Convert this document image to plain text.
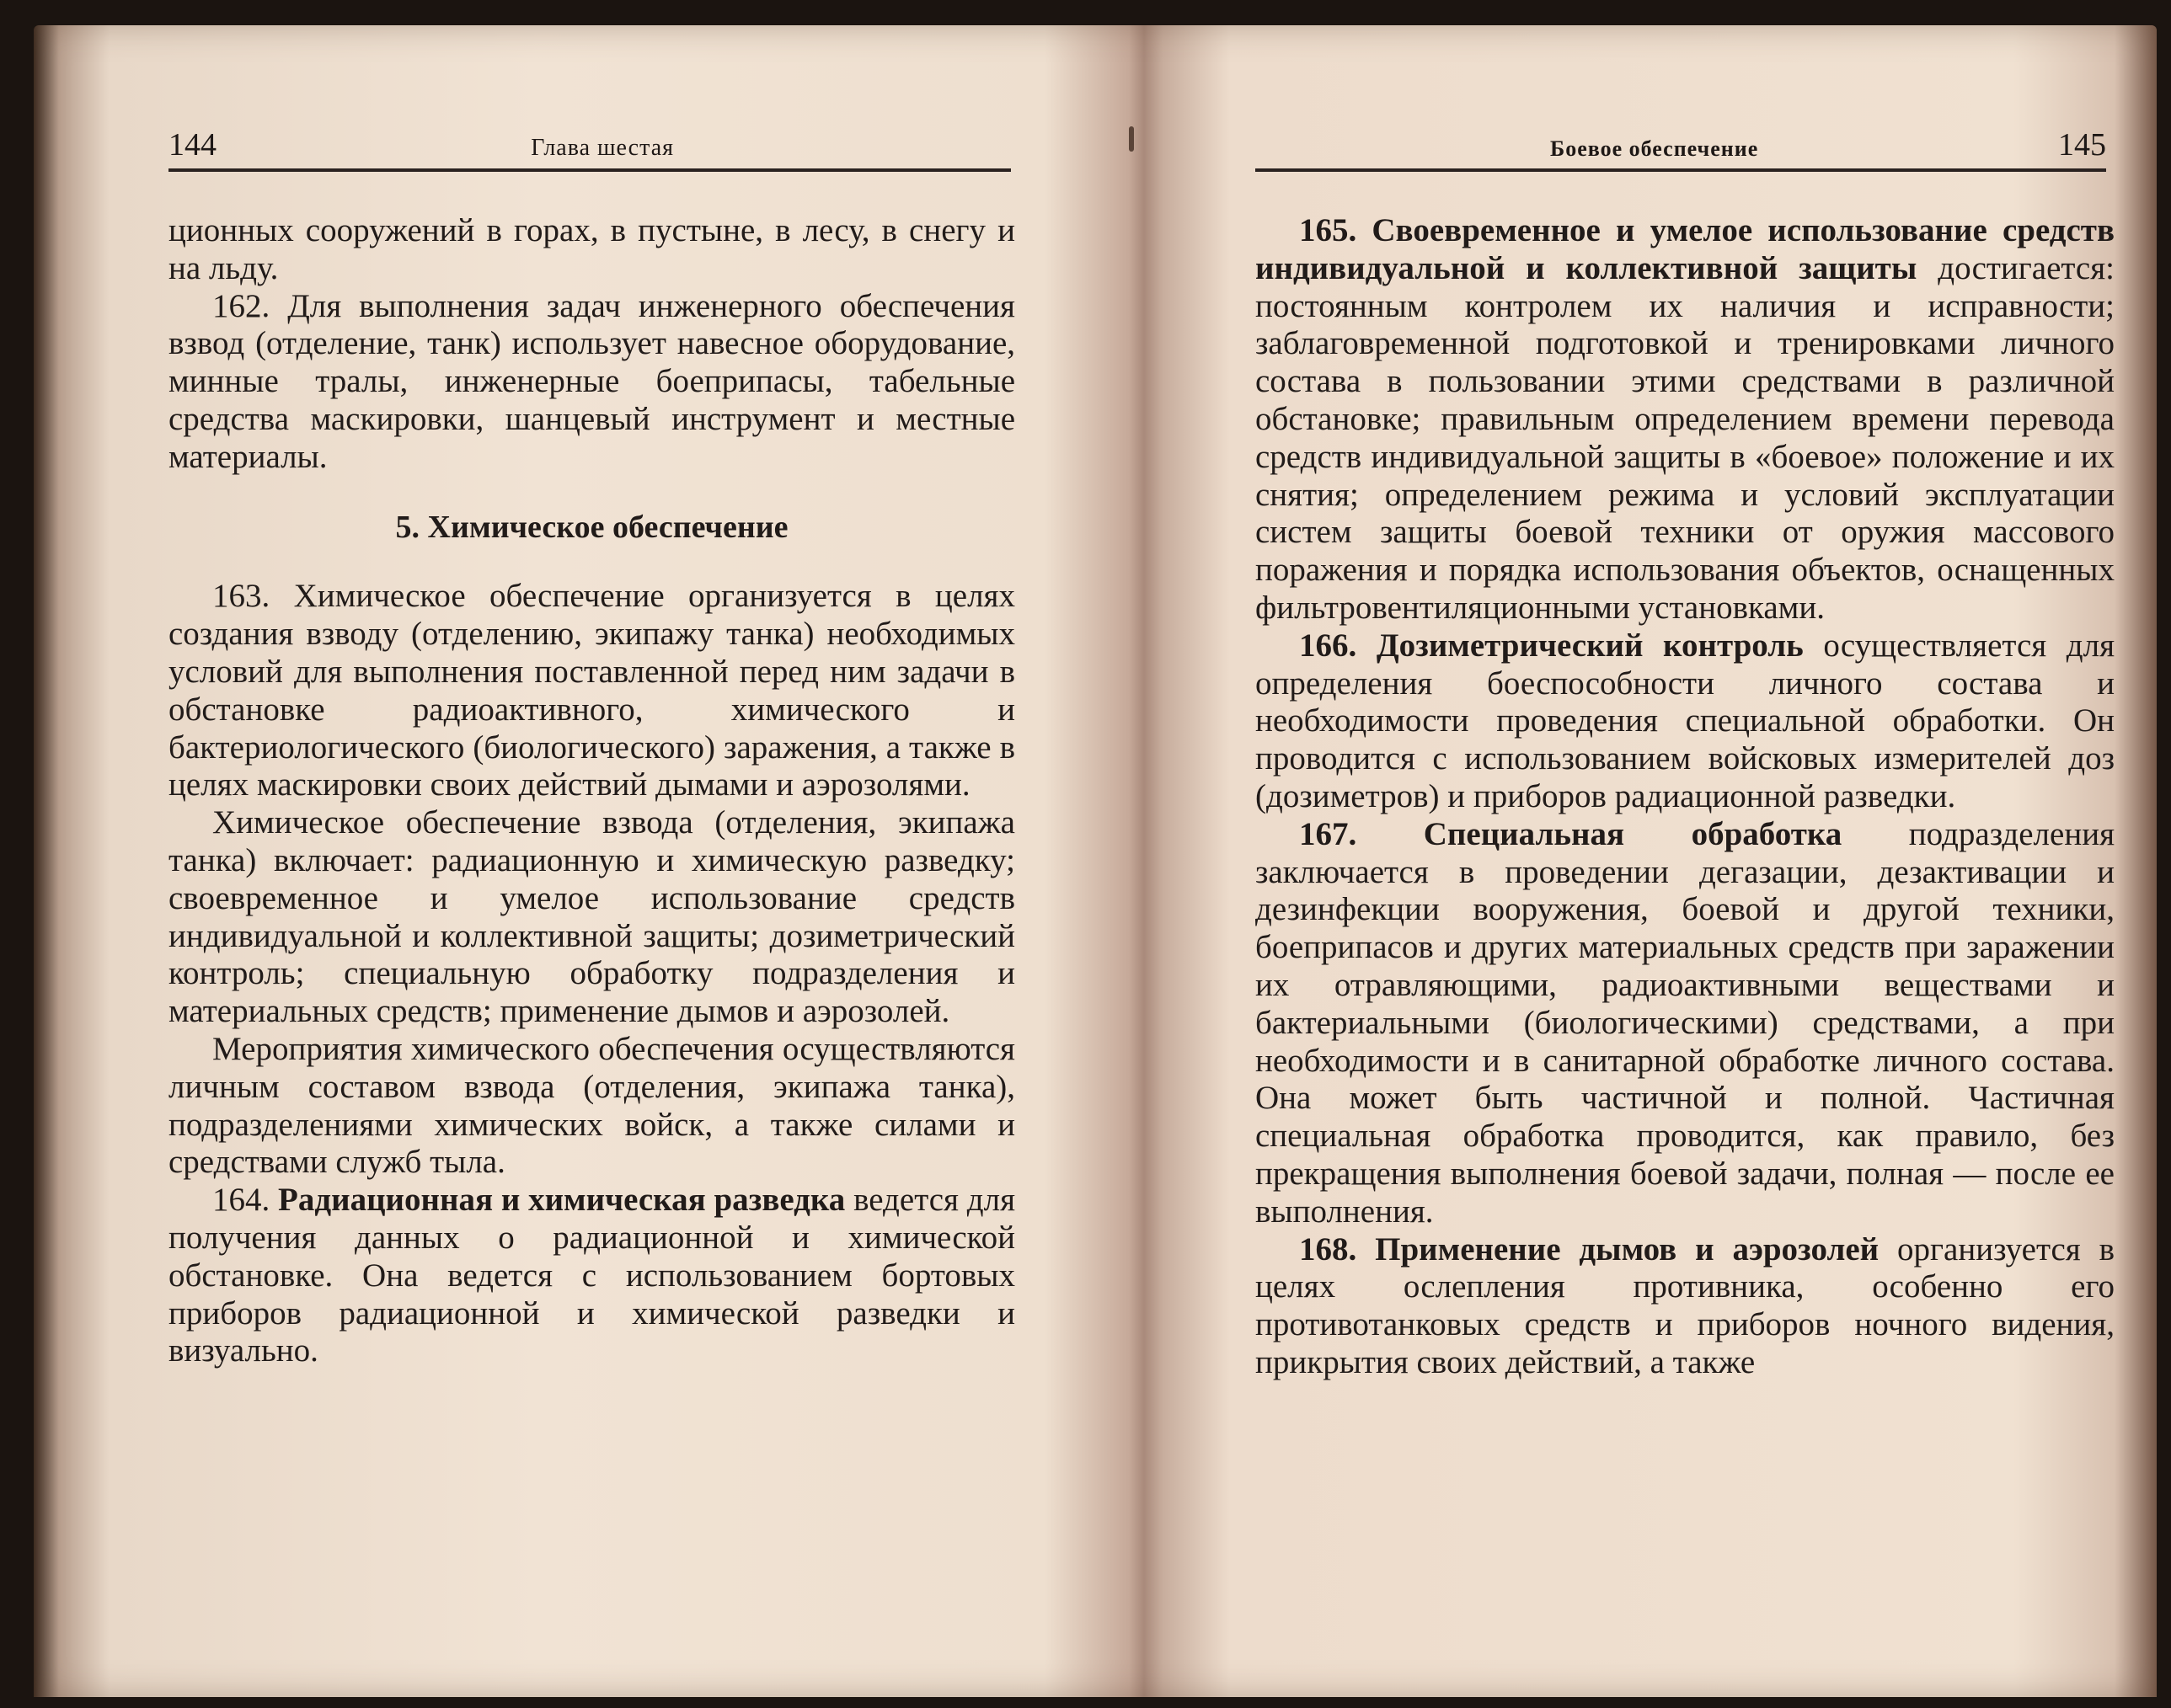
144	Глава шестая

ционных сооружений в горах, в пустыне, в лесу, в снегу и на льду.

162. Для выполнения задач инженерного обеспечения взвод (отделение, танк) использует навесное оборудование, минные тралы, инженерные боеприпасы, табельные средства маскировки, шанцевый инструмент и местные материалы.

5. Химическое обеспечение

163. Химическое обеспечение организуется в целях создания взводу (отделению, экипажу танка) необходимых условий для выполнения поставленной перед ним задачи в обстановке радиоактивного, химического и бактериологического (биологического) заражения, а также в целях маскировки своих действий дымами и аэрозолями.

Химическое обеспечение взвода (отделения, экипажа танка) включает: радиационную и химическую разведку; своевременное и умелое использование средств индивидуальной и коллективной защиты; дозиметрический контроль; специальную обработку подразделения и материальных средств; применение дымов и аэрозолей.

Мероприятия химического обеспечения осуществляются личным составом взвода (отделения, экипажа танка), подразделениями химических войск, а также силами и средствами служб тыла.

164. Радиационная и химическая разведка ведется для получения данных о радиационной и химической обстановке. Она ведется с использованием бортовых приборов радиационной и химической разведки и визуально.

Боевое обеспечение	145

165. Своевременное и умелое использование средств индивидуальной и коллективной защиты достигается: постоянным контролем их наличия и исправности; заблаговременной подготовкой и тренировками личного состава в пользовании этими средствами в различной обстановке; правильным определением времени перевода средств индивидуальной защиты в «боевое» положение и их снятия; определением режима и условий эксплуатации систем защиты боевой техники от оружия массового поражения и порядка использования объектов, оснащенных фильтровентиляционными установками.

166. Дозиметрический контроль осуществляется для определения боеспособности личного состава и необходимости проведения специальной обработки. Он проводится с использованием войсковых измерителей доз (дозиметров) и приборов радиационной разведки.

167. Специальная обработка подразделения заключается в проведении дегазации, дезактивации и дезинфекции вооружения, боевой и другой техники, боеприпасов и других материальных средств при заражении их отравляющими, радиоактивными веществами и бактериальными (биологическими) средствами, а при необходимости и в санитарной обработке личного состава. Она может быть частичной и полной. Частичная специальная обработка проводится, как правило, без прекращения выполнения боевой задачи, полная — после ее выполнения.

168. Применение дымов и аэрозолей организуется в целях ослепления противника, особенно его противотанковых средств и приборов ночного видения, прикрытия своих действий, а также
